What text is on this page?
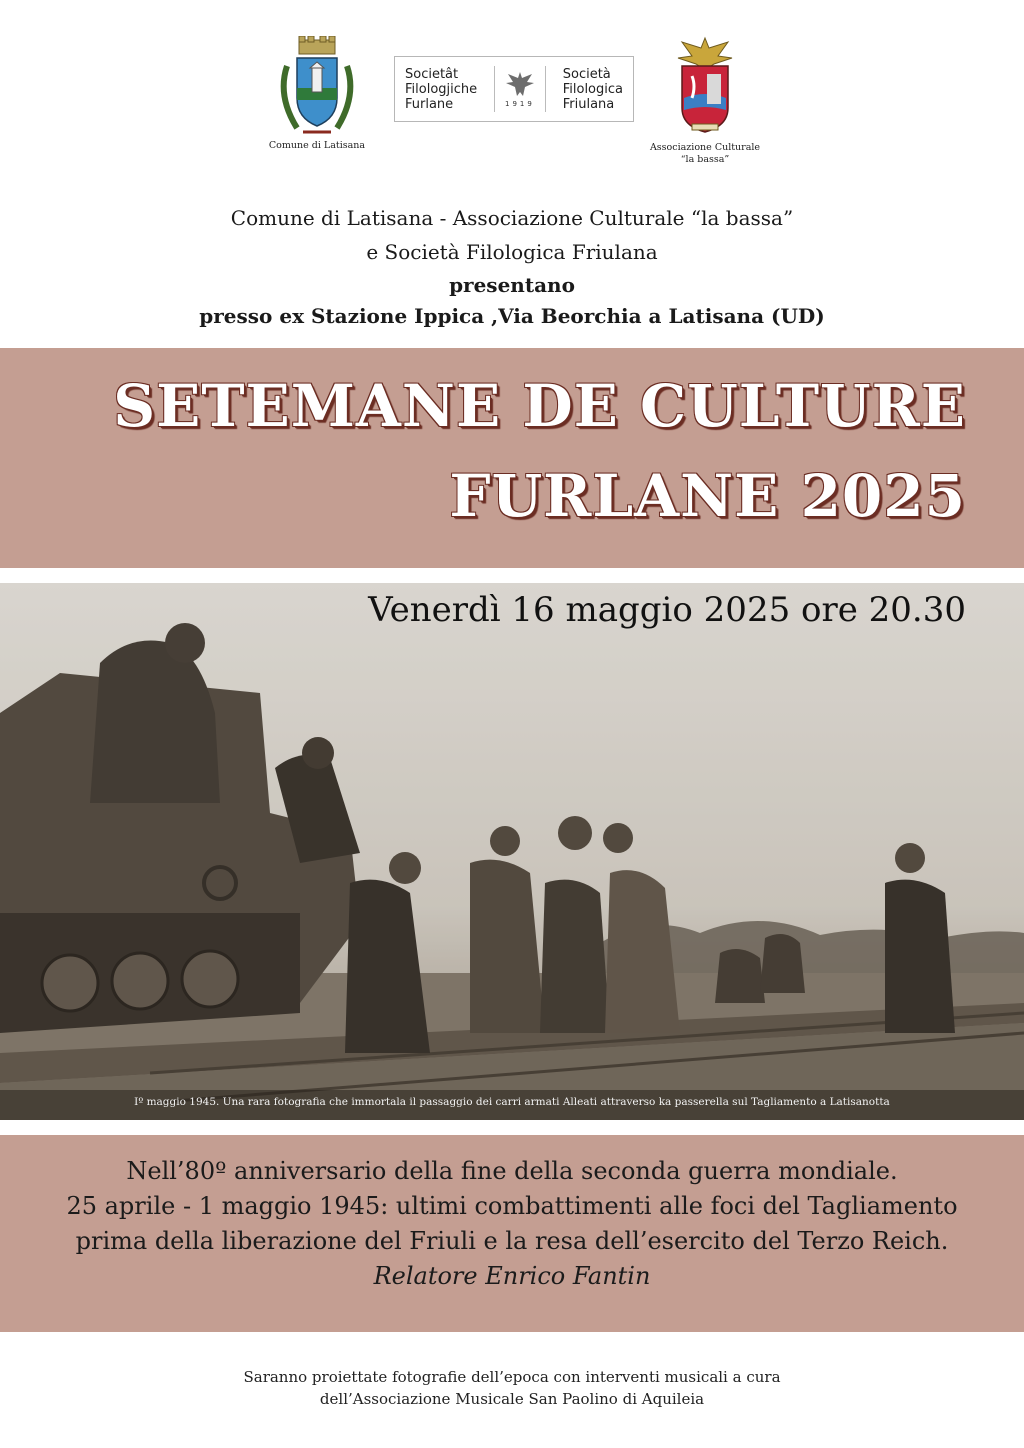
Comune di Latisana
Societât
Filologjiche
Furlane	1919
Società
Filologica
Friulana
Associazione Culturale
“la bassa”
Comune di Latisana - Associazione Culturale “la bassa”
e Società Filologica Friulana
presentano
presso ex Stazione Ippica ,Via Beorchia a Latisana (UD)
SETEMANE DE CULTURE
FURLANE 2025
Venerdì 16 maggio 2025 ore 20.30
Iº maggio 1945. Una rara fotografia che immortala il passaggio dei carri armati Alleati attraverso ka passerella sul Tagliamento a Latisanotta
Nell’80º anniversario della fine della seconda guerra mondiale.
25 aprile - 1 maggio 1945: ultimi combattimenti alle foci del Tagliamento
prima della liberazione del Friuli e la resa dell’esercito del Terzo Reich.
Relatore Enrico Fantin
Saranno proiettate fotografie dell’epoca con interventi musicali a cura
dell’Associazione Musicale San Paolino di Aquileia
